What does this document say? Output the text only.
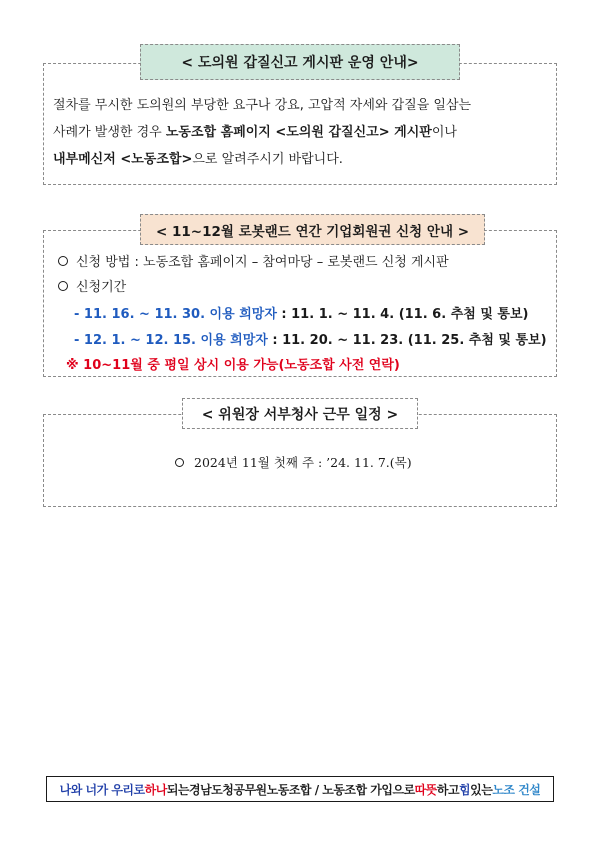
< 도의원 갑질신고 게시판 운영 안내>
절차를 무시한 도의원의 부당한 요구나 강요, 고압적 자세와 갑질을 일삼는
사례가 발생한 경우 노동조합 홈페이지 <도의원 갑질신고> 게시판이나
내부메신저 <노동조합>으로 알려주시기 바랍니다.
< 11~12월 로봇랜드 연간 기업회원권 신청 안내 >
신청 방법 : 노동조합 홈페이지 – 참여마당 – 로봇랜드 신청 게시판
신청기간
- 11. 16. ~ 11. 30. 이용 희망자 : 11. 1. ~ 11. 4. (11. 6. 추첨 및 통보)
- 12. 1. ~ 12. 15. 이용 희망자 : 11. 20. ~ 11. 23. (11. 25. 추첨 및 통보)
※ 10~11월 중 평일 상시 이용 가능(노동조합 사전 연락)
< 위원장 서부청사 근무 일정 >
2024년 11월 첫째 주 : ’24. 11. 7.(목)
나와 너가 우리로 하나 되는 경남도청공무원노동조합 / 노동조합 가입으로 따뜻 하고 힘 있는 노조 건설
